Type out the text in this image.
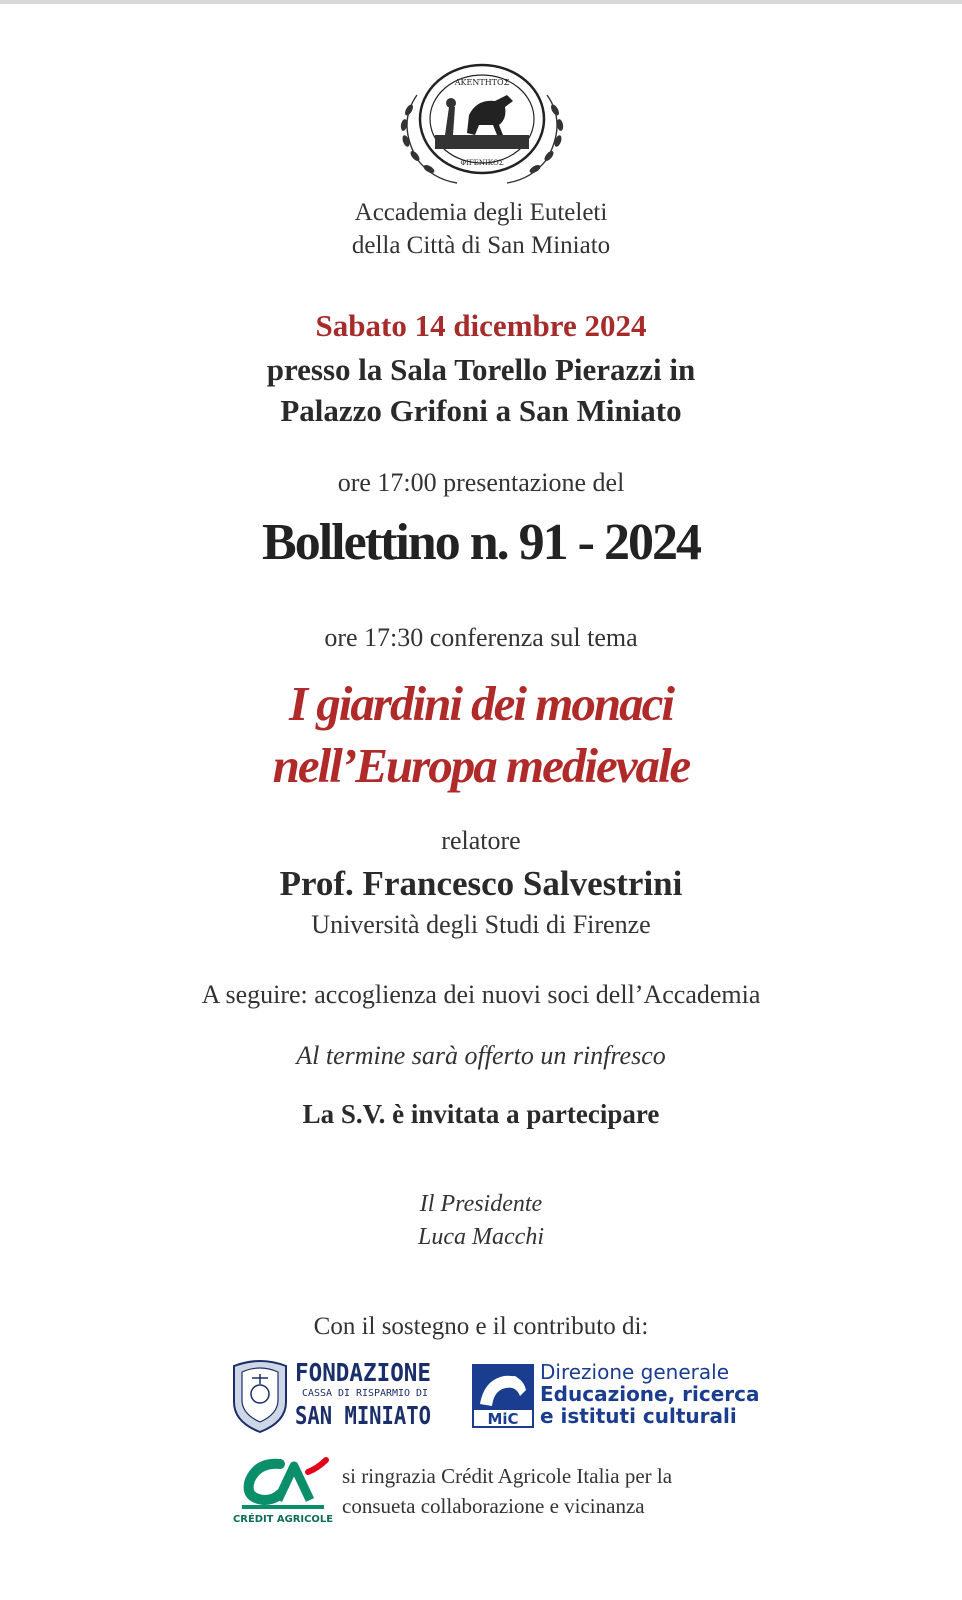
AKENTHTOΣ
ΦΙΓΕΝΙΚΟΣ
Accademia degli Euteleti
della Città di San Miniato
Sabato 14 dicembre 2024
presso la Sala Torello Pierazzi in
Palazzo Grifoni a San Miniato
ore 17:00 presentazione del
Bollettino n. 91 - 2024
ore 17:30 conferenza sul tema
I giardini dei monaci
nell’Europa medievale
relatore
Prof. Francesco Salvestrini
Università degli Studi di Firenze
A seguire: accoglienza dei nuovi soci dell’Accademia
Al termine sarà offerto un rinfresco
La S.V. è invitata a partecipare
Il Presidente
Luca Macchi
Con il sostegno e il contributo di:
FONDAZIONE
CASSA DI RISPARMIO DI
SAN MINIATO	MiC
Direzione generale
Educazione, ricerca
e istituti culturali
CRÉDIT AGRICOLE
si ringrazia Crédit Agricole Italia per la
consueta collaborazione e vicinanza
